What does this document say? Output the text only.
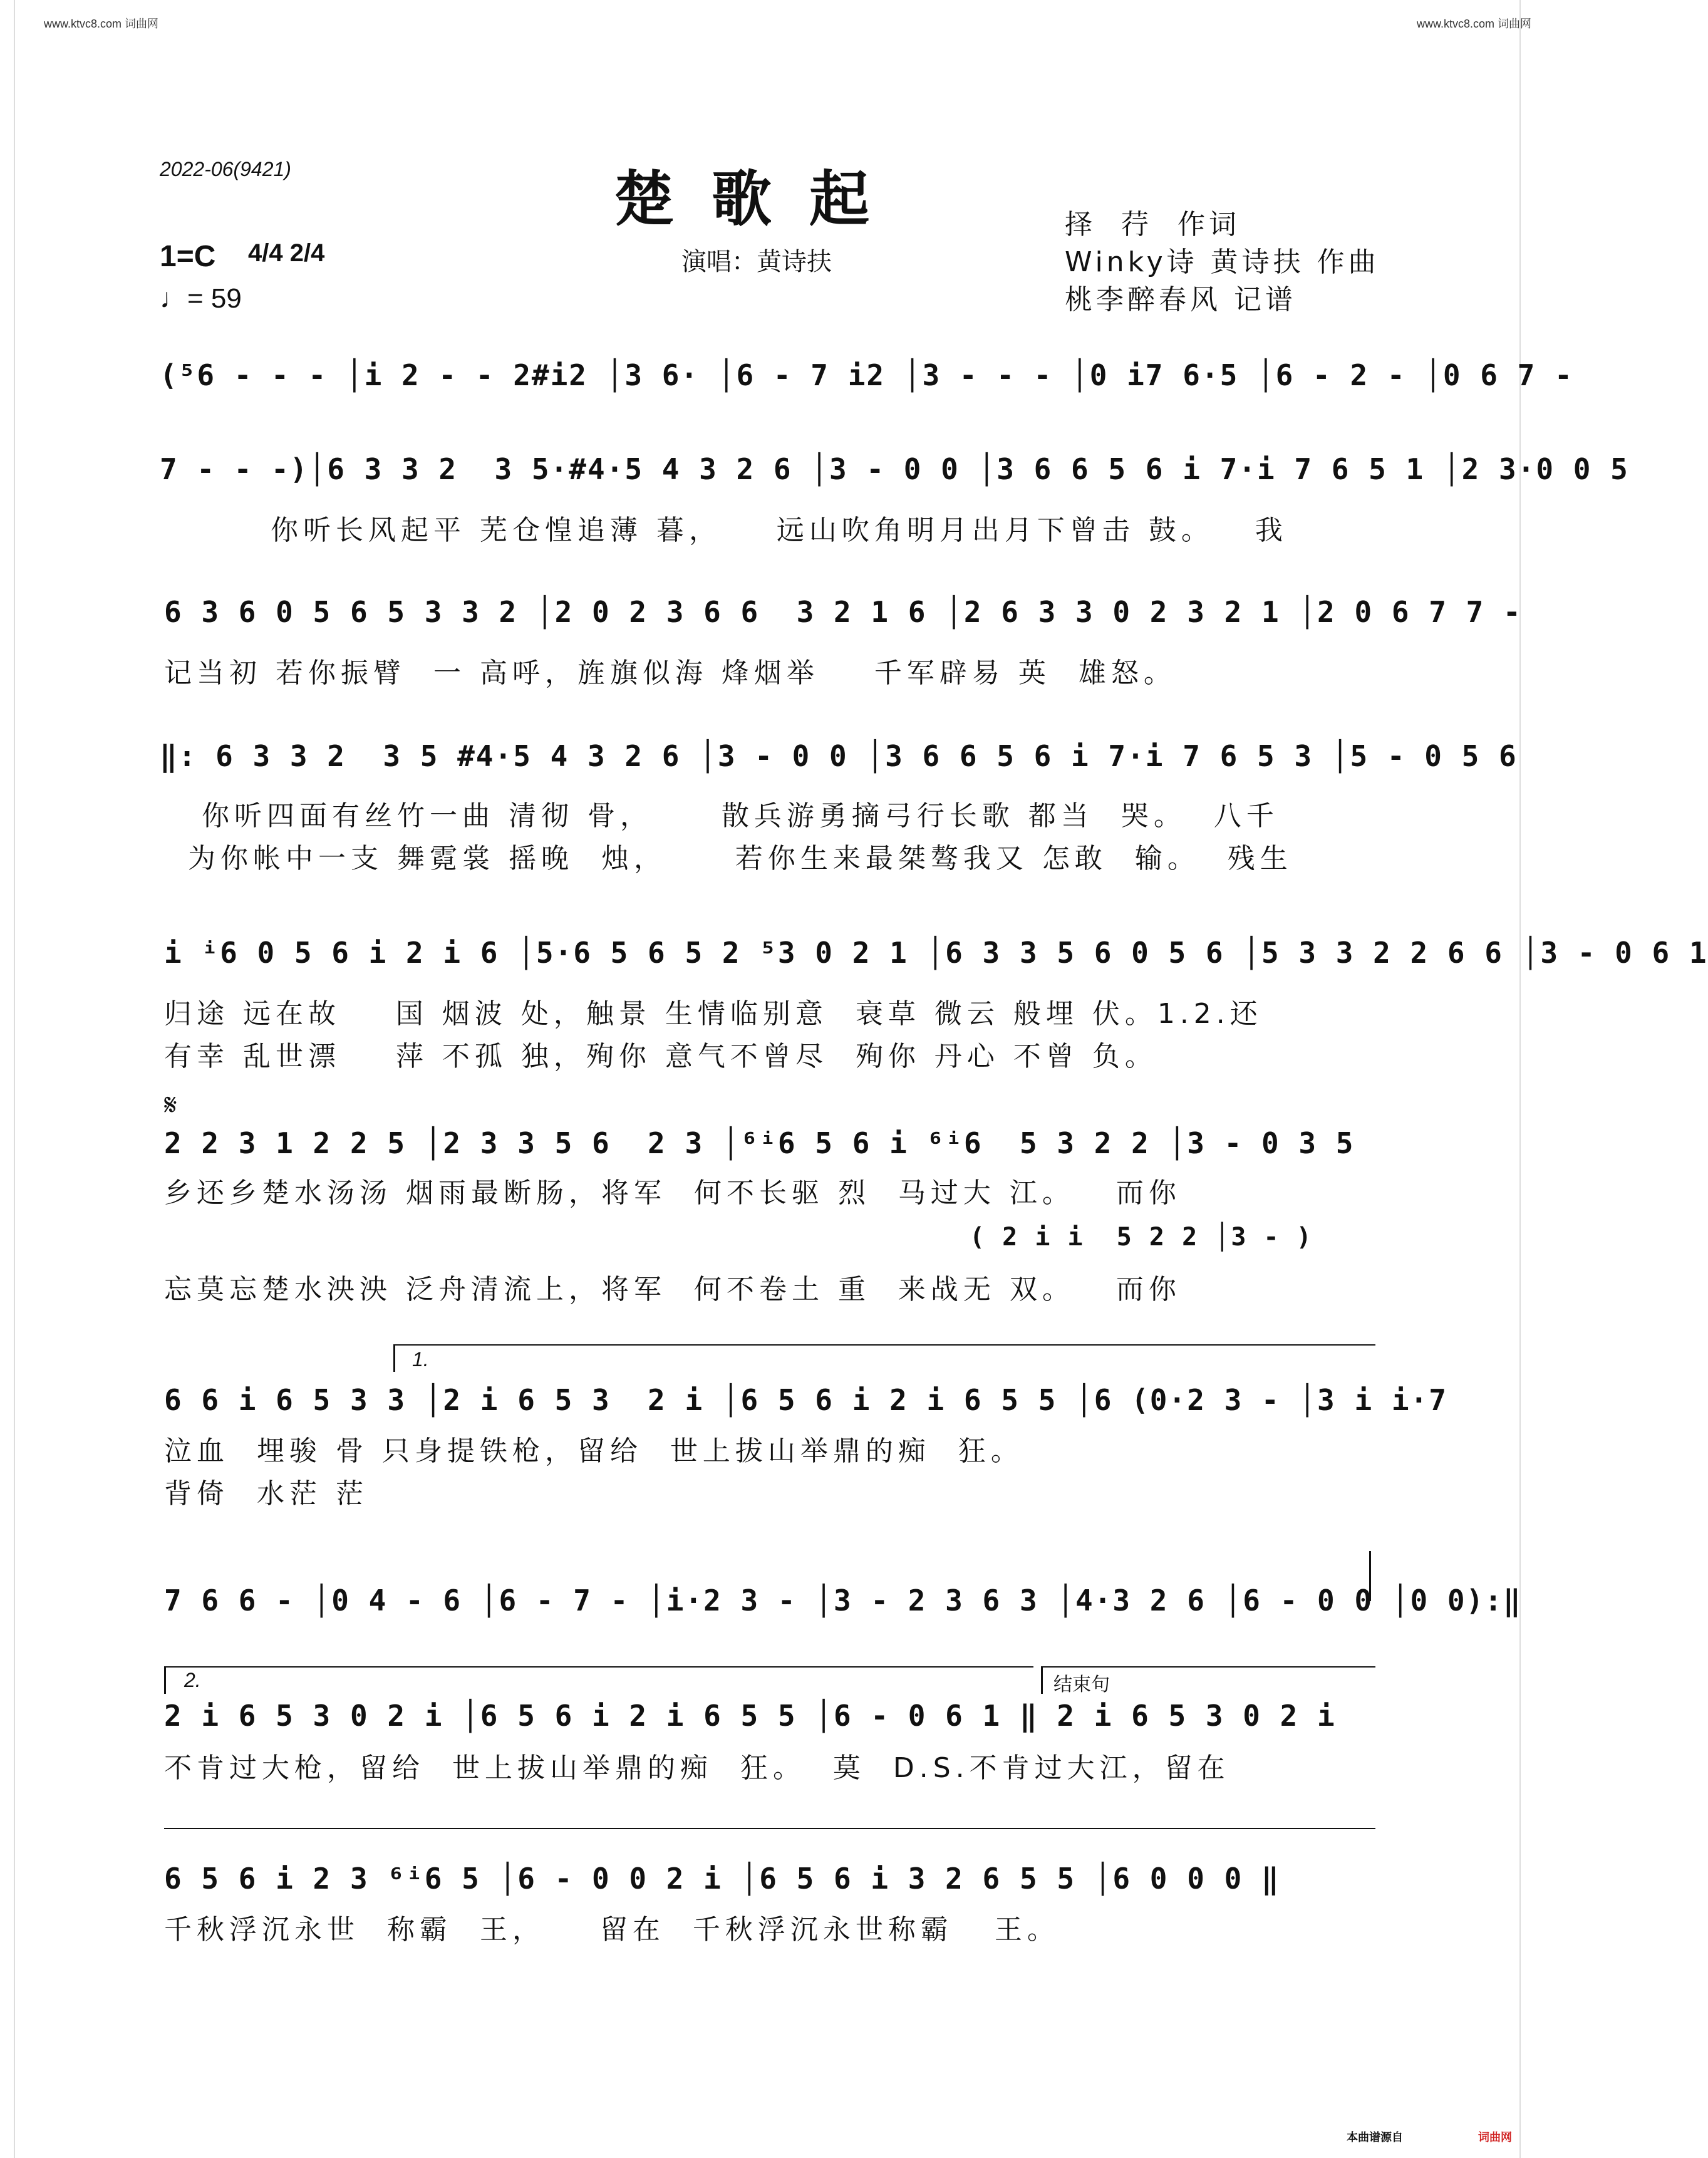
www.ktvc8.com 词曲网	www.ktvc8.com 词曲网
2022-06(9421)	楚歌起
演唱：黄诗扶
1=C 4/4 2/4
♩= 59
择  荇  作词
Winky诗 黄诗扶 作曲
桃李醉春风 记谱
(⁵6 - - - │i 2 - - 2#i2 │3 6· │6 - 7 i2 │3 - - - │0 i7 6·5 │6 - 2 - │0 6 7 -
7 - - -)│6 3 3 2  3 5·#4·5 4 3 2 6 │3 - 0 0 │3 6 6 5 6 i 7·i 7 6 5 1 │2 3·0 0 5
你听长风起平 芜仓惶追薄 暮，    远山吹角明月出月下曾击 鼓。   我
6 3 6 0 5 6 5 3 3 2 │2 0 2 3 6 6  3 2 1 6 │2 6 3 3 0 2 3 2 1 │2 0 6 7 7 -
记当初 若你振臂  一 高呼，旌旗似海 烽烟举    千军辟易 英  雄怒。
‖: 6 3 3 2  3 5 #4·5 4 3 2 6 │3 - 0 0 │3 6 6 5 6 i 7·i 7 6 5 3 │5 - 0 5 6
你听四面有丝竹一曲 清彻 骨，     散兵游勇摘弓行长歌 都当  哭。  八千
为你帐中一支 舞霓裳 摇晚  烛，     若你生来最桀骜我又 怎敢  输。  残生
i ⁱ6 0 5 6 i 2 i 6 │5·6 5 6 5 2 ⁵3 0 2 1 │6 3 3 5 6 0 5 6 │5 3 3 2 2 6 6 │3 - 0 6 1
归途 远在故    国 烟波 处，触景 生情临别意  衰草 微云 般埋 伏。1.2.还
有幸 乱世漂    萍 不孤 独，殉你 意气不曾尽  殉你 丹心 不曾 负。
𝄋
2 2 3 1 2 2 5 │2 3 3 5 6  2 3 │⁶ⁱ6 5 6 i ⁶ⁱ6  5 3 2 2 │3 - 0 3 5
乡还乡楚水汤汤 烟雨最断肠，将军  何不长驱 烈  马过大 江。   而你
( 2 i i  5 2 2 │3 - )
忘莫忘楚水泱泱 泛舟清流上，将军  何不卷土 重  来战无 双。   而你
1.
6 6 i 6 5 3 3 │2 i 6 5 3  2 i │6 5 6 i 2 i 6 5 5 │6 (0·2 3 - │3 i i·7
泣血  埋骏 骨 只身提铁枪，留给  世上拔山举鼎的痴  狂。
背倚  水茫 茫
7 6 6 - │0 4 - 6 │6 - 7 - │i·2 3 - │3 - 2 3 6 3 │4·3 2 6 │6 - 0 0 │0 0):‖
2.	结束句
2 i 6 5 3 0 2 i │6 5 6 i 2 i 6 5 5 │6 - 0 6 1 ‖ 2 i 6 5 3 0 2 i
不肯过大枪，留给  世上拔山举鼎的痴  狂。  莫  D.S.不肯过大江，留在
6 5 6 i 2 3 ⁶ⁱ6 5 │6 - 0 0 2 i │6 5 6 i 3 2 6 5 5 │6 0 0 0 ‖
千秋浮沉永世  称霸  王，    留在  千秋浮沉永世称霸   王。
本曲谱源自	词曲网
